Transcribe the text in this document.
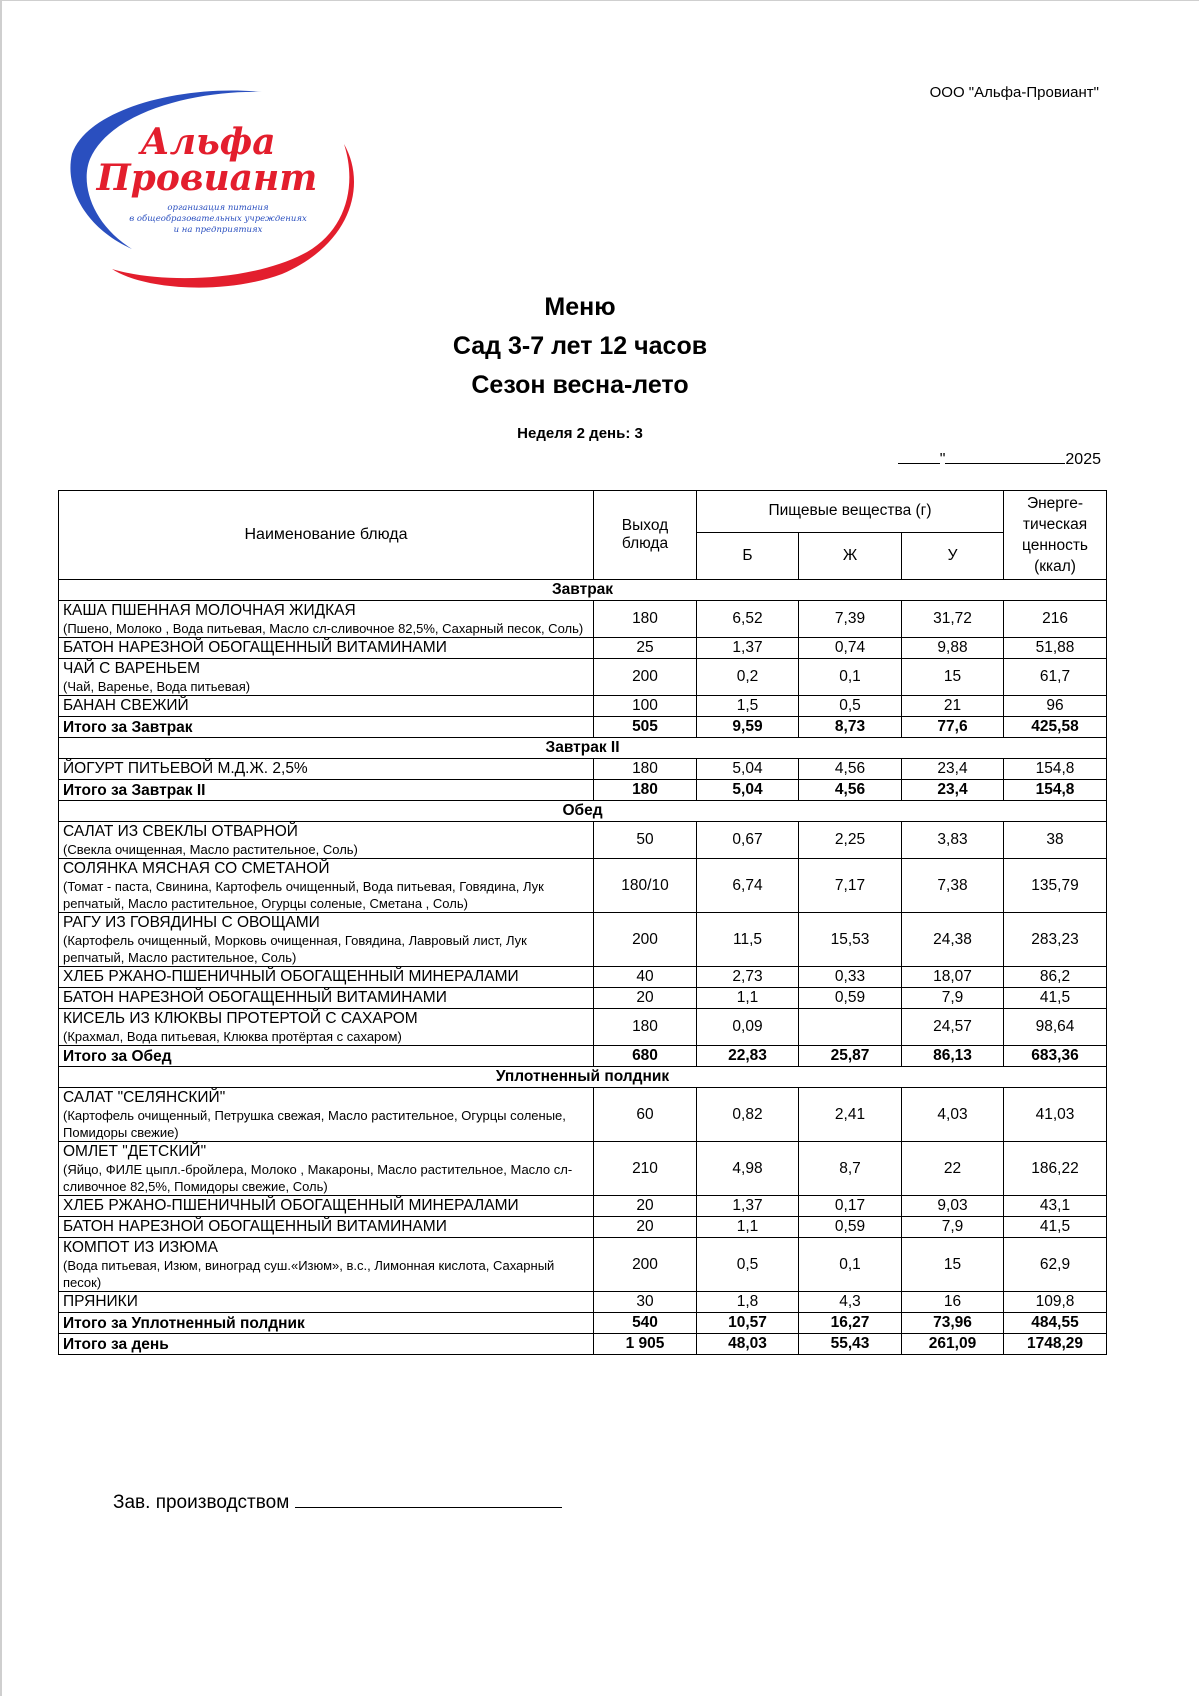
ООО "Альфа-Провиант"
Альфа
Провиант
организация питания
в общеобразовательных учреждениях
и на предприятиях
Меню
Сад 3-7 лет 12 часов
Сезон весна-лето
Неделя 2 день: 3
"	2025
Наименование блюда	Выход блюда	Пищевые вещества (г)			Энерге-тическая ценность (ккал)
		Б	Ж	У	
Завтрак					

КАША ПШЕННАЯ МОЛОЧНАЯ ЖИДКАЯ
(Пшено, Молоко , Вода питьевая, Масло сл-сливочное 82,5%, Сахарный песок, Соль)	180	6,52	7,39	31,72	216

БАТОН НАРЕЗНОЙ ОБОГАЩЕННЫЙ ВИТАМИНАМИ	25	1,37	0,74	9,88	51,88

ЧАЙ С ВАРЕНЬЕМ
(Чай, Варенье, Вода питьевая)	200	0,2	0,1	15	61,7

БАНАН СВЕЖИЙ	100	1,5	0,5	21	96
Итого за Завтрак	505	9,59	8,73	77,6	425,58
Завтрак II					

ЙОГУРТ ПИТЬЕВОЙ М.Д.Ж. 2,5%	180	5,04	4,56	23,4	154,8
Итого за Завтрак II	180	5,04	4,56	23,4	154,8
Обед					

САЛАТ ИЗ СВЕКЛЫ ОТВАРНОЙ
(Свекла очищенная, Масло растительное, Соль)	50	0,67	2,25	3,83	38

СОЛЯНКА МЯСНАЯ СО СМЕТАНОЙ
(Томат - паста, Свинина, Картофель очищенный, Вода питьевая, Говядина, Лук репчатый, Масло растительное, Огурцы соленые, Сметана , Соль)	180/10	6,74	7,17	7,38	135,79

РАГУ ИЗ ГОВЯДИНЫ С ОВОЩАМИ
(Картофель очищенный, Морковь очищенная, Говядина, Лавровый лист, Лук репчатый, Масло растительное, Соль)	200	11,5	15,53	24,38	283,23

ХЛЕБ РЖАНО-ПШЕНИЧНЫЙ ОБОГАЩЕННЫЙ МИНЕРАЛАМИ	40	2,73	0,33	18,07	86,2

БАТОН НАРЕЗНОЙ ОБОГАЩЕННЫЙ ВИТАМИНАМИ	20	1,1	0,59	7,9	41,5

КИСЕЛЬ ИЗ КЛЮКВЫ ПРОТЕРТОЙ С САХАРОМ
(Крахмал, Вода питьевая, Клюква протёртая с сахаром)	180	0,09		24,57	98,64
Итого за Обед	680	22,83	25,87	86,13	683,36
Уплотненный полдник					

САЛАТ "СЕЛЯНСКИЙ"
(Картофель очищенный, Петрушка свежая, Масло растительное, Огурцы соленые, Помидоры свежие)	60	0,82	2,41	4,03	41,03

ОМЛЕТ "ДЕТСКИЙ"
(Яйцо, ФИЛЕ цыпл.-бройлера, Молоко , Макароны, Масло растительное, Масло сл-сливочное 82,5%, Помидоры свежие, Соль)	210	4,98	8,7	22	186,22

ХЛЕБ РЖАНО-ПШЕНИЧНЫЙ ОБОГАЩЕННЫЙ МИНЕРАЛАМИ	20	1,37	0,17	9,03	43,1

БАТОН НАРЕЗНОЙ ОБОГАЩЕННЫЙ ВИТАМИНАМИ	20	1,1	0,59	7,9	41,5

КОМПОТ ИЗ ИЗЮМА
(Вода питьевая, Изюм, виноград суш.«Изюм», в.с., Лимонная кислота, Сахарный песок)	200	0,5	0,1	15	62,9

ПРЯНИКИ	30	1,8	4,3	16	109,8
Итого за Уплотненный полдник	540	10,57	16,27	73,96	484,55
Итого за день	1 905	48,03	55,43	261,09	1748,29
Зав. производством
